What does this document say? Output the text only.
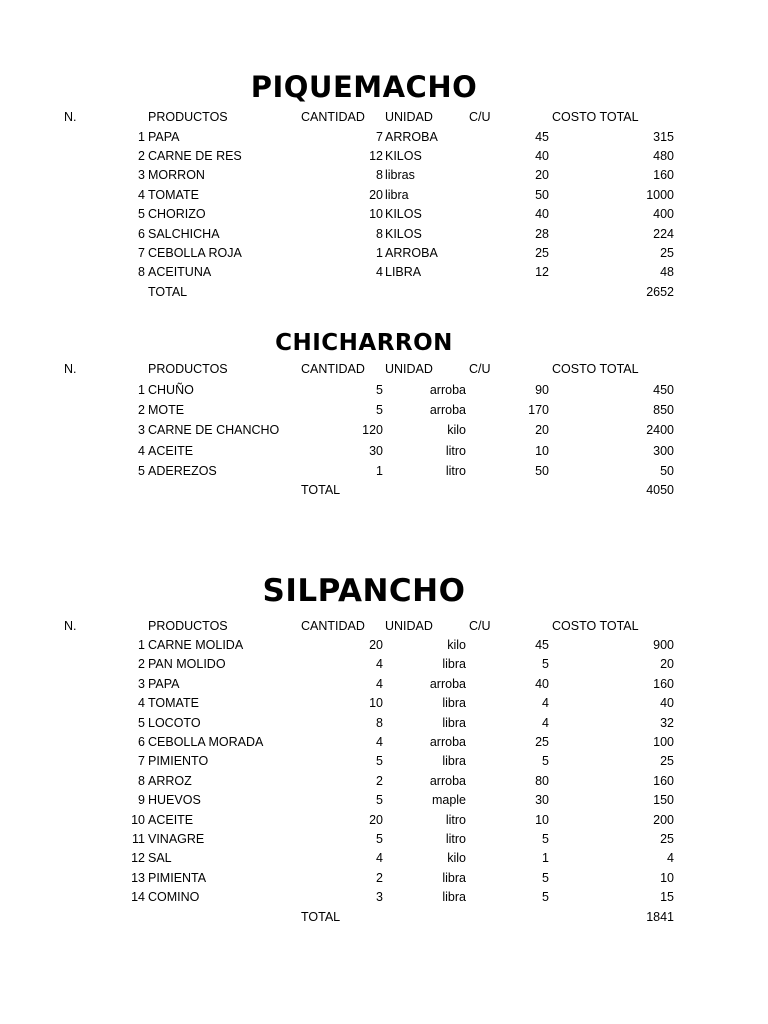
PIQUEMACHO
N.	PRODUCTOS	CANTIDAD UNIDAD	C/U	COSTO TOTAL
1 PAPA	7 ARROBA	45	315
2 CARNE DE RES	12 KILOS	40	480
3 MORRON	8 libras	20	160
4 TOMATE	20 libra	50	1000
5 CHORIZO	10 KILOS	40	400
6 SALCHICHA	8 KILOS	28	224
7 CEBOLLA ROJA	1 ARROBA	25	25
8 ACEITUNA	4 LIBRA	12	48
TOTAL	2652
CHICHARRON
N.	PRODUCTOS	CANTIDAD UNIDAD	C/U	COSTO TOTAL
1 CHUÑO	5	arroba	90	450
2 MOTE	5	arroba	170	850
3 CARNE DE CHANCHO	120	kilo	20	2400
4 ACEITE	30	litro	10	300
5 ADEREZOS	1	litro	50	50
TOTAL	4050
SILPANCHO
N.	PRODUCTOS	CANTIDAD UNIDAD	C/U	COSTO TOTAL
1 CARNE MOLIDA	20	kilo	45	900
2 PAN MOLIDO	4	libra	5	20
3 PAPA	4	arroba	40	160
4 TOMATE	10	libra	4	40
5 LOCOTO	8	libra	4	32
6 CEBOLLA MORADA	4	arroba	25	100
7 PIMIENTO	5	libra	5	25
8 ARROZ	2	arroba	80	160
9 HUEVOS	5	maple	30	150
10 ACEITE	20	litro	10	200
11 VINAGRE	5	litro	5	25
12 SAL	4	kilo	1	4
13 PIMIENTA	2	libra	5	10
14 COMINO	3	libra	5	15
TOTAL	1841
